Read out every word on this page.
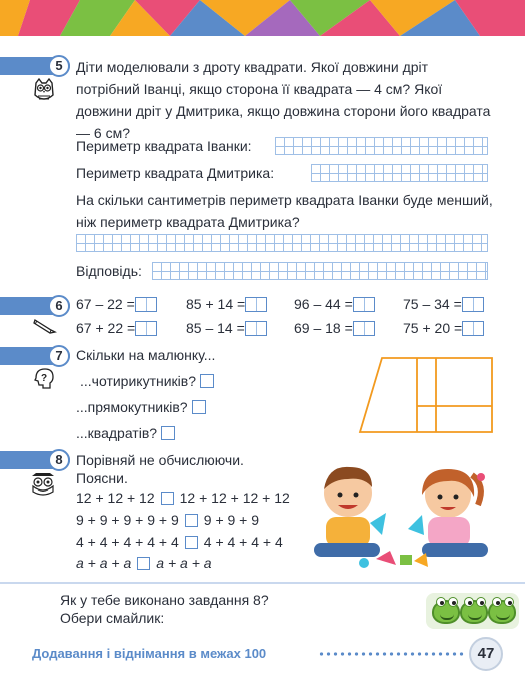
5 Діти моделювали з дроту квадрати. Якої довжини дріт потрібний Іванці, якщо сторона її квадрата — 4 см? Якої довжини дріт у Дмитрика, якщо довжина сторони його квадрата — 6 см?
Периметр квадрата Іванки:
Периметр квадрата Дмитрика:
На скільки сантиметрів периметр квадрата Іванки буде менший, ніж периметр квадрата Дмитрика?
Відповідь:
6 67 – 22 =	85 + 14 =	96 – 44 =	75 – 34 =
67 + 22 =	85 – 14 =	69 – 18 =	75 + 20 =
7
?
Скільки на малюнку...
...чотирикутників?
...прямокутників?
...квадратів?
8 Порівняй не обчислюючи.
Поясни.
12 + 12 + 12 12 + 12 + 12 + 12
9 + 9 + 9 + 9 + 9 9 + 9 + 9
4 + 4 + 4 + 4 + 4 4 + 4 + 4 + 4
a + a + a a + a + a
Як у тебе виконано завдання 8?
Обери смайлик:
Додавання і віднімання в межах 100	47
